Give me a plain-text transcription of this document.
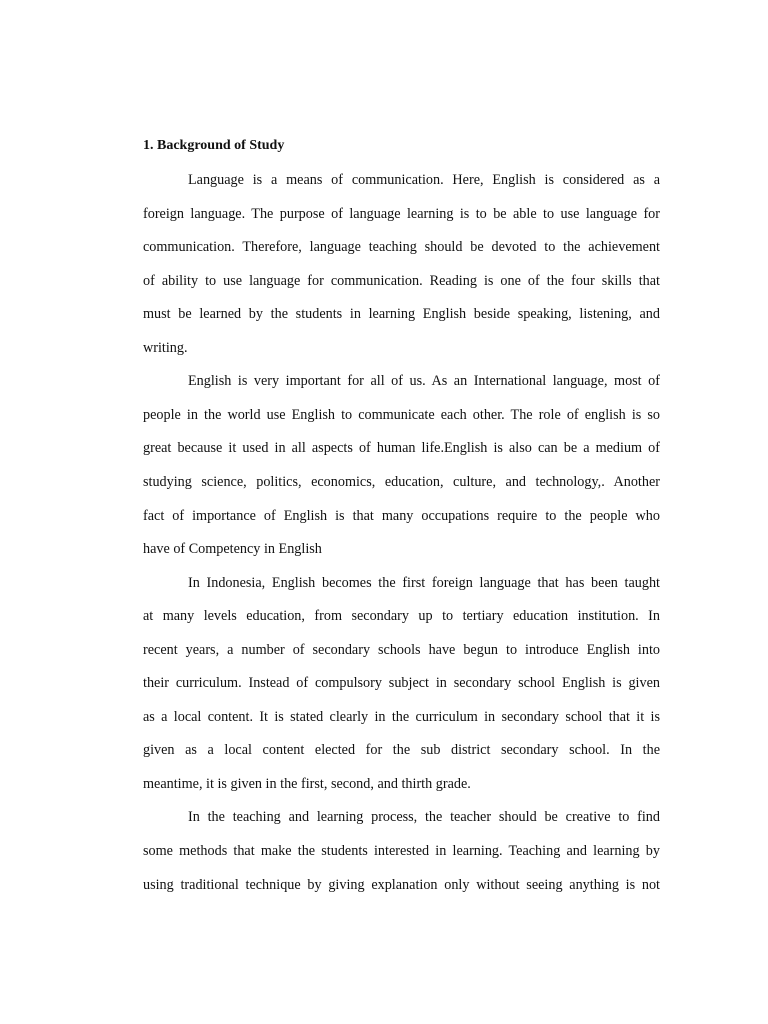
1. Background of Study
Language is a means of communication. Here, English is considered as a
foreign language. The purpose of language learning is to be able to use language for
communication. Therefore, language teaching should be devoted to the achievement
of ability to use language for communication. Reading is one of the four skills that
must be learned by the students in learning English beside speaking, listening, and
writing.
English is very important for all of us. As an International language, most of
people in the world use English to communicate each other. The role of english is so
great because it used in all aspects of human life.English is also can be a medium of
studying science, politics, economics, education, culture, and technology,. Another
fact of importance of English is that many occupations require to the people who
have of Competency in English
In Indonesia, English becomes the first foreign language that has been taught
at many levels education, from secondary up to tertiary education institution. In
recent years, a number of secondary schools have begun to introduce English into
their curriculum. Instead of compulsory subject in secondary school English is given
as a local content. It is stated clearly in the curriculum in secondary school that it is
given as a local content elected for the sub district secondary school. In the
meantime, it is given in the first, second, and thirth grade.
In the teaching and learning process, the teacher should be creative to find
some methods that make the students interested in learning. Teaching and learning by
using traditional technique by giving explanation only without seeing anything is not
